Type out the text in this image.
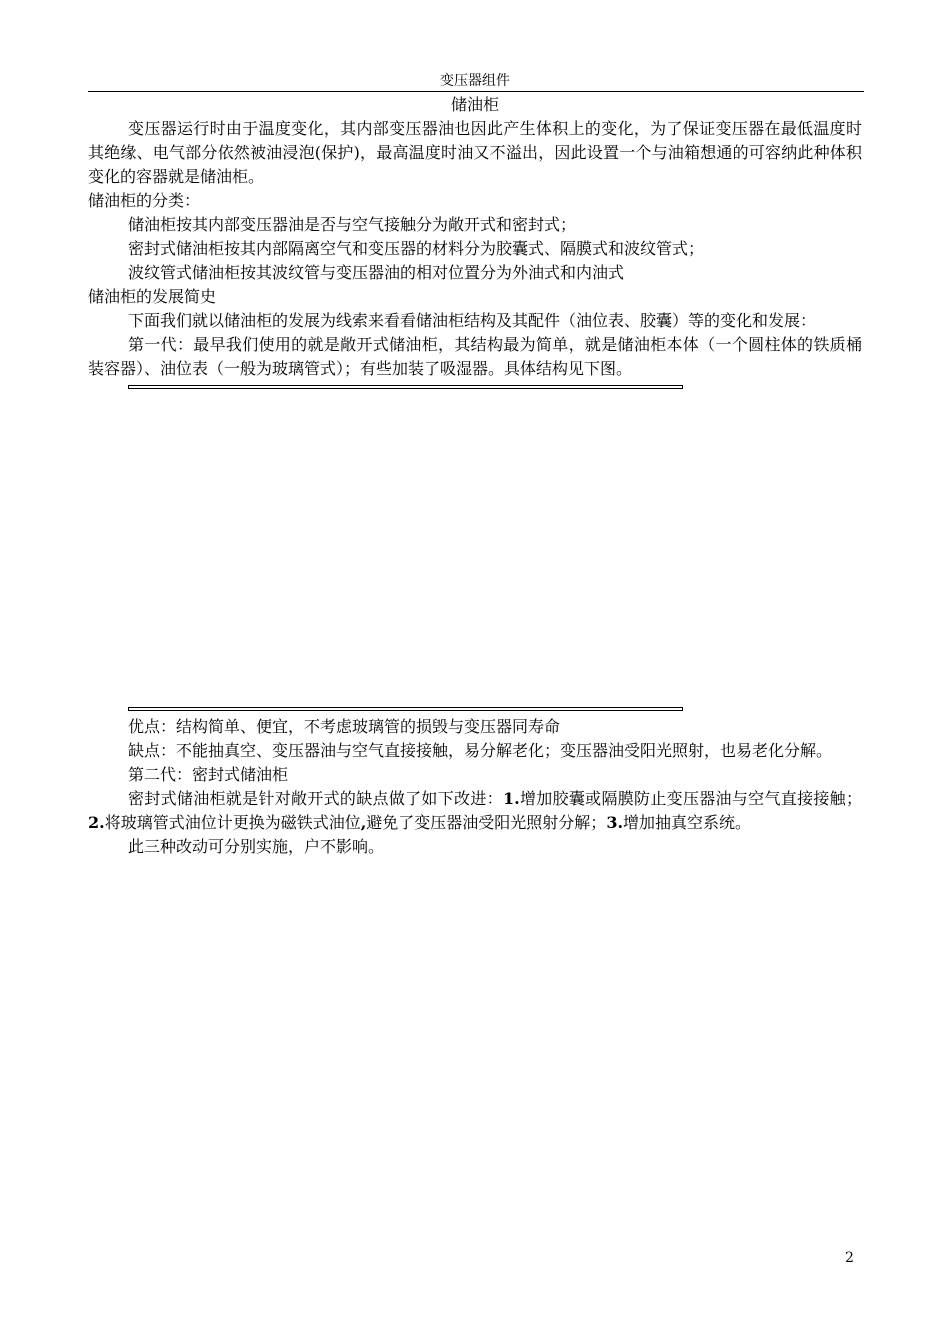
变压器组件

储油柜

变压器运行时由于温度变化，其内部变压器油也因此产生体积上的变化，为了保证变压器在最低温度时其绝缘、电气部分依然被油浸泡(保护)，最高温度时油又不溢出，因此设置一个与油箱想通的可容纳此种体积变化的容器就是储油柜。

储油柜的分类：

储油柜按其内部变压器油是否与空气接触分为敞开式和密封式；

密封式储油柜按其内部隔离空气和变压器的材料分为胶囊式、隔膜式和波纹管式；

波纹管式储油柜按其波纹管与变压器油的相对位置分为外油式和内油式

储油柜的发展简史

下面我们就以储油柜的发展为线索来看看储油柜结构及其配件（油位表、胶囊）等的变化和发展：

第一代：最早我们使用的就是敞开式储油柜，其结构最为简单，就是储油柜本体（一个圆柱体的铁质桶装容器）、油位表（一般为玻璃管式）；有些加装了吸湿器。具体结构见下图。

优点：结构简单、便宜，不考虑玻璃管的损毁与变压器同寿命

缺点：不能抽真空、变压器油与空气直接接触，易分解老化；变压器油受阳光照射，也易老化分解。

第二代：密封式储油柜

密封式储油柜就是针对敞开式的缺点做了如下改进：1.增加胶囊或隔膜防止变压器油与空气直接接触；2.将玻璃管式油位计更换为磁铁式油位,避免了变压器油受阳光照射分解；3.增加抽真空系统。

此三种改动可分别实施，户不影响。

2
